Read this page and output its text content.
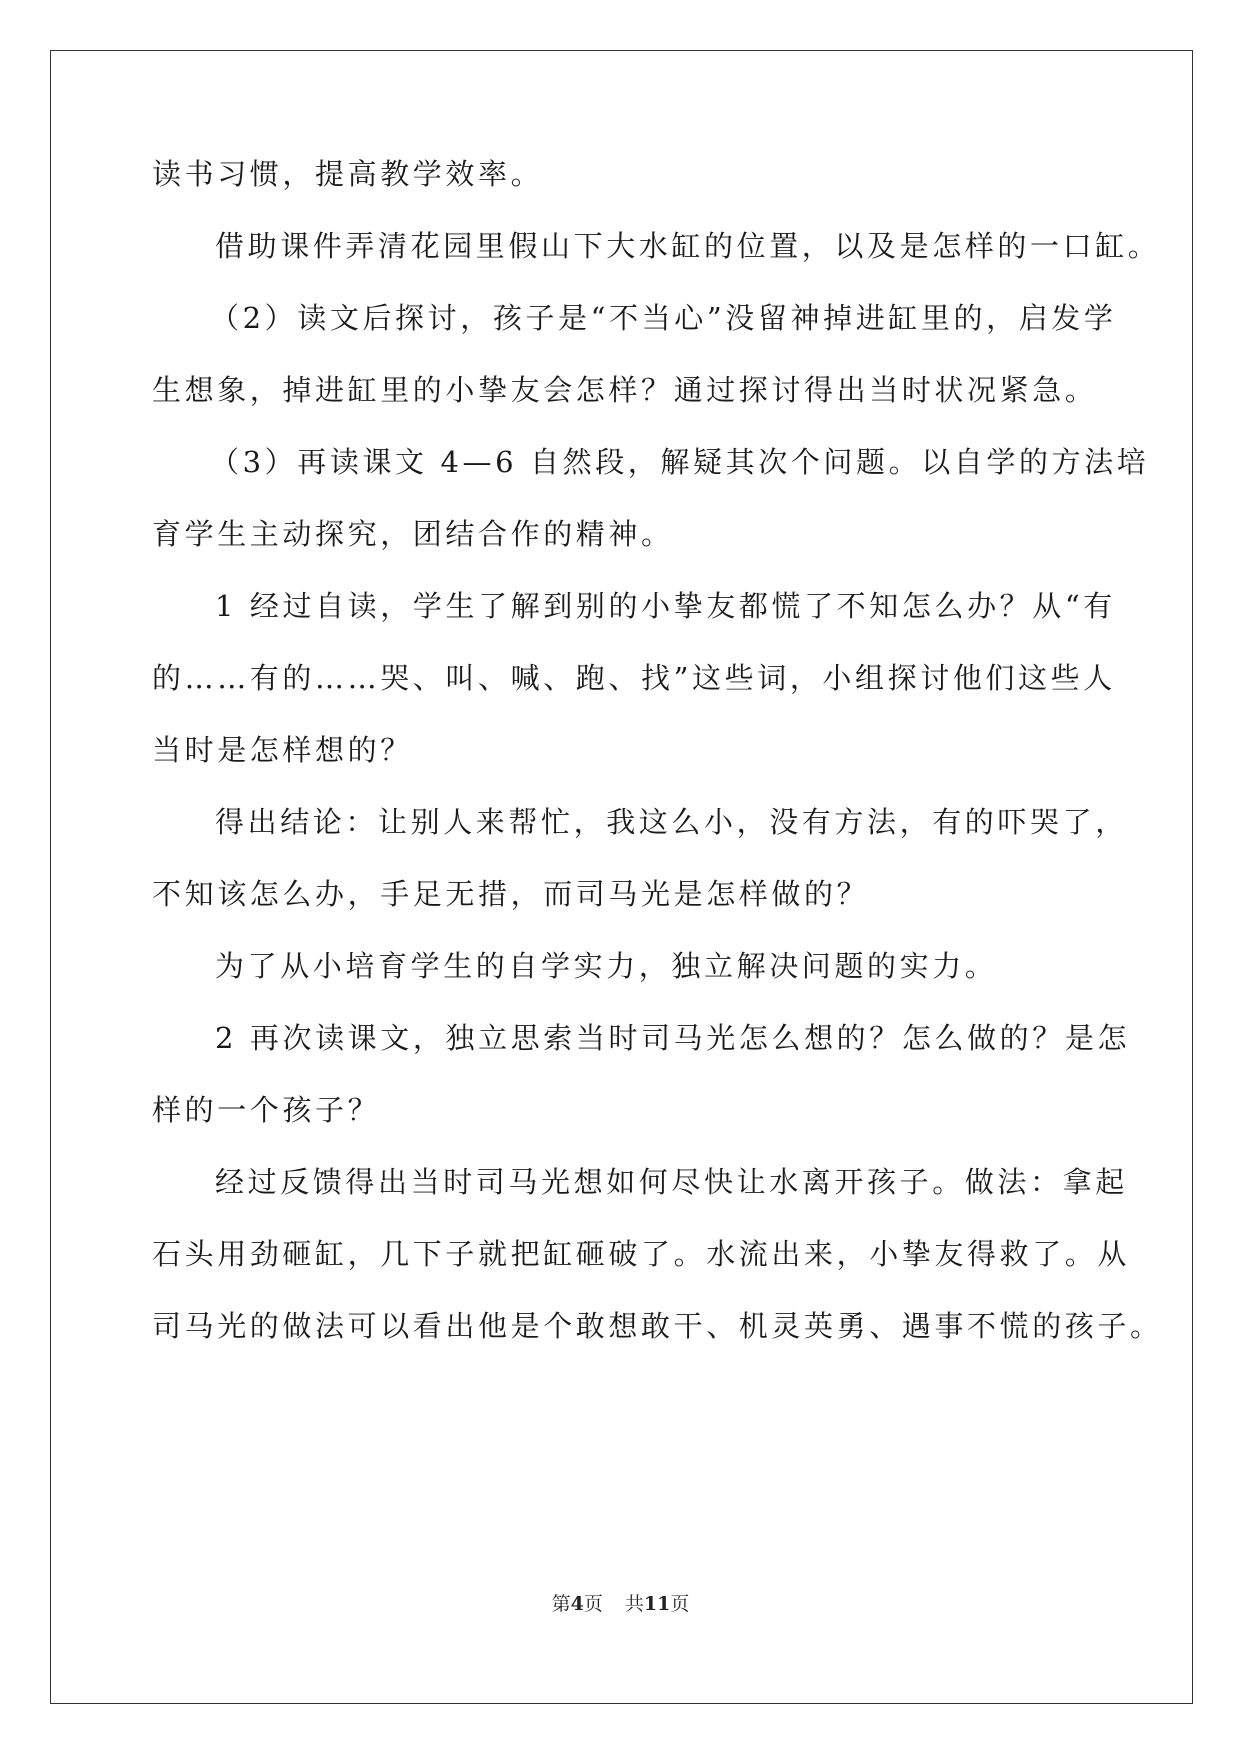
读书习惯，提高教学效率。
借助课件弄清花园里假山下大水缸的位置，以及是怎样的一口缸。
（2）读文后探讨，孩子是“不当心”没留神掉进缸里的，启发学
生想象，掉进缸里的小挚友会怎样？通过探讨得出当时状况紧急。
（3）再读课文 4—6 自然段，解疑其次个问题。以自学的方法培
育学生主动探究，团结合作的精神。
1 经过自读，学生了解到别的小挚友都慌了不知怎么办？从“有
的……有的……哭、叫、喊、跑、找”这些词，小组探讨他们这些人
当时是怎样想的？
得出结论：让别人来帮忙，我这么小，没有方法，有的吓哭了，
不知该怎么办，手足无措，而司马光是怎样做的？
为了从小培育学生的自学实力，独立解决问题的实力。
2 再次读课文，独立思索当时司马光怎么想的？怎么做的？是怎
样的一个孩子？
经过反馈得出当时司马光想如何尽快让水离开孩子。做法：拿起
石头用劲砸缸，几下子就把缸砸破了。水流出来，小挚友得救了。从
司马光的做法可以看出他是个敢想敢干、机灵英勇、遇事不慌的孩子。
第4页 共11页
